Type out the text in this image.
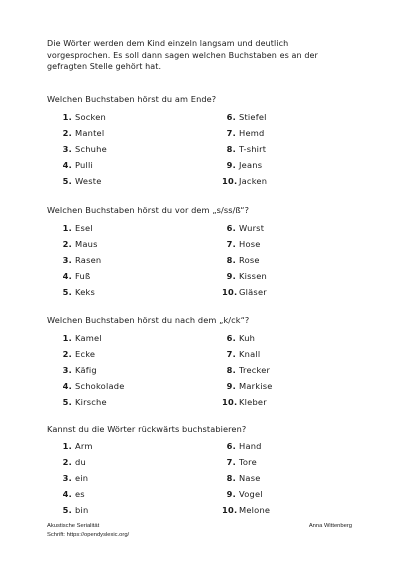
Die Wörter werden dem Kind einzeln langsam und deutlich
vorgesprochen. Es soll dann sagen welchen Buchstaben es an der
gefragten Stelle gehört hat.

Welchen Buchstaben hörst du am Ende?
1. Socken
2. Mantel
3. Schuhe
4. Pulli
5. Weste
6. Stiefel
7. Hemd
8. T-shirt
9. Jeans
10. Jacken
Welchen Buchstaben hörst du vor dem „s/ss/ß“?
1. Esel
2. Maus
3. Rasen
4. Fuß
5. Keks
6. Wurst
7. Hose
8. Rose
9. Kissen
10. Gläser
Welchen Buchstaben hörst du nach dem „k/ck“?
1. Kamel
2. Ecke
3. Käfig
4. Schokolade
5. Kirsche
6. Kuh
7. Knall
8. Trecker
9. Markise
10. Kleber
Kannst du die Wörter rückwärts buchstabieren?
1. Arm
2. du
3. ein
4. es
5. bin
6. Hand
7. Tore
8. Nase
9. Vogel
10. Melone
Akustische Serialität
Schrift: https://opendyslexic.org/
Anna Wittenberg
